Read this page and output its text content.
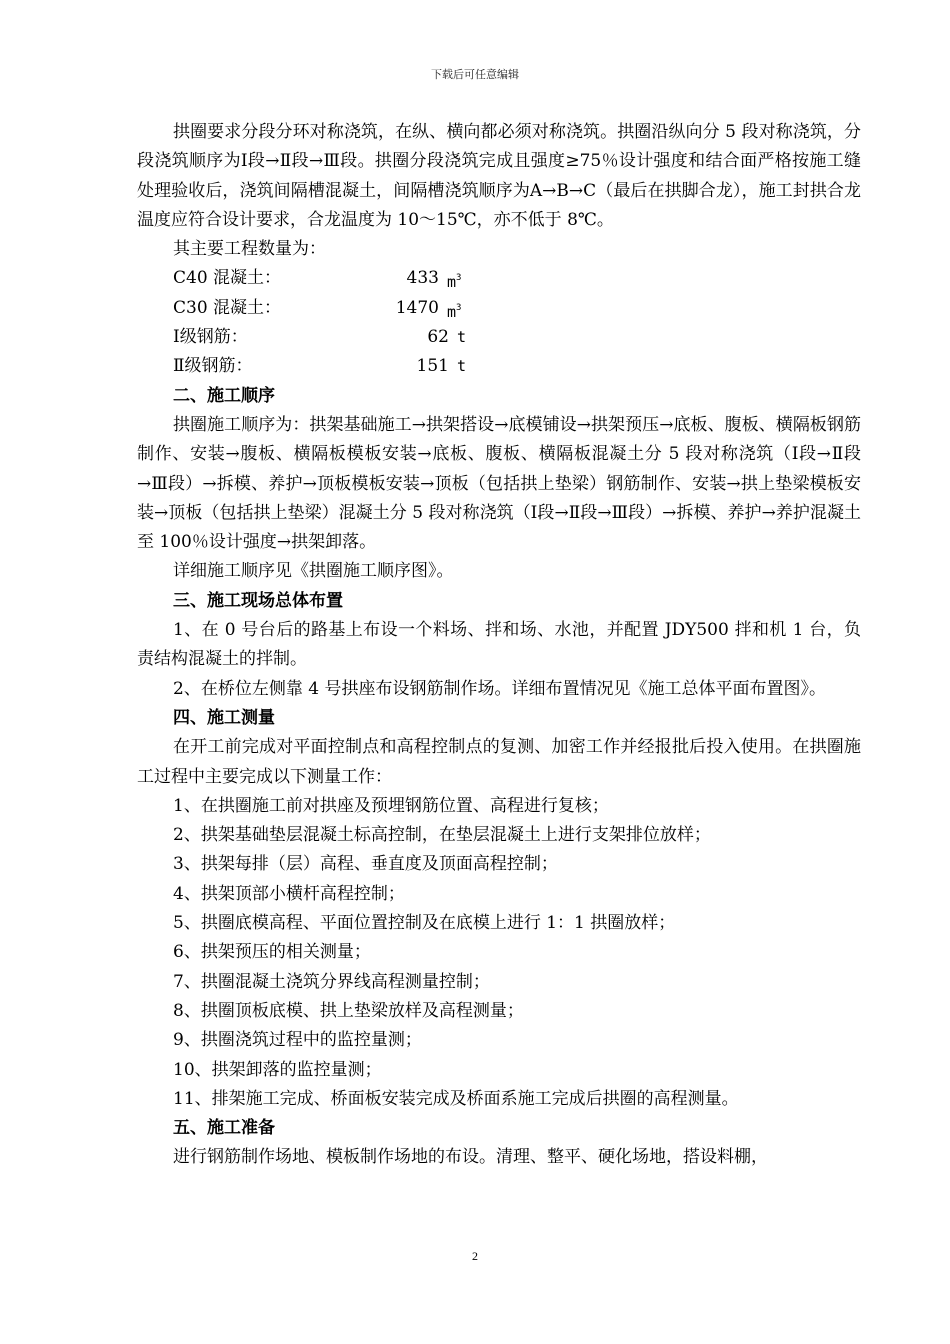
下载后可任意编辑

拱圈要求分段分环对称浇筑，在纵、横向都必须对称浇筑。拱圈沿纵向分 5 段对称浇筑，分段浇筑顺序为Ⅰ段→Ⅱ段→Ⅲ段。拱圈分段浇筑完成且强度≥75％设计强度和结合面严格按施工缝处理验收后，浇筑间隔槽混凝土，间隔槽浇筑顺序为A→B→C（最后在拱脚合龙），施工封拱合龙温度应符合设计要求，合龙温度为 10～15℃，亦不低于 8℃。

其主要工程数量为：

C40 混凝土：	433 $m^3$
C30 混凝土：	1470 $m^3$
Ⅰ级钢筋：	62 t
Ⅱ级钢筋：	151 t

二、施工顺序

拱圈施工顺序为：拱架基础施工→拱架搭设→底模铺设→拱架预压→底板、腹板、横隔板钢筋制作、安装→腹板、横隔板模板安装→底板、腹板、横隔板混凝土分 5 段对称浇筑（Ⅰ段→Ⅱ段→Ⅲ段）→拆模、养护→顶板模板安装→顶板（包括拱上垫梁）钢筋制作、安装→拱上垫梁模板安装→顶板（包括拱上垫梁）混凝土分 5 段对称浇筑（Ⅰ段→Ⅱ段→Ⅲ段）→拆模、养护→养护混凝土至 100％设计强度→拱架卸落。

详细施工顺序见《拱圈施工顺序图》。

三、施工现场总体布置

1、在 0 号台后的路基上布设一个料场、拌和场、水池，并配置 JDY500 拌和机 1 台，负责结构混凝土的拌制。

2、在桥位左侧靠 4 号拱座布设钢筋制作场。详细布置情况见《施工总体平面布置图》。

四、施工测量

在开工前完成对平面控制点和高程控制点的复测、加密工作并经报批后投入使用。在拱圈施工过程中主要完成以下测量工作：

1、在拱圈施工前对拱座及预埋钢筋位置、高程进行复核；

2、拱架基础垫层混凝土标高控制，在垫层混凝土上进行支架排位放样；

3、拱架每排（层）高程、垂直度及顶面高程控制；

4、拱架顶部小横杆高程控制；

5、拱圈底模高程、平面位置控制及在底模上进行 1：1 拱圈放样；

6、拱架预压的相关测量；

7、拱圈混凝土浇筑分界线高程测量控制；

8、拱圈顶板底模、拱上垫梁放样及高程测量；

9、拱圈浇筑过程中的监控量测；

10、拱架卸落的监控量测；

11、排架施工完成、桥面板安装完成及桥面系施工完成后拱圈的高程测量。

五、施工准备

进行钢筋制作场地、模板制作场地的布设。清理、整平、硬化场地，搭设料棚，

2
